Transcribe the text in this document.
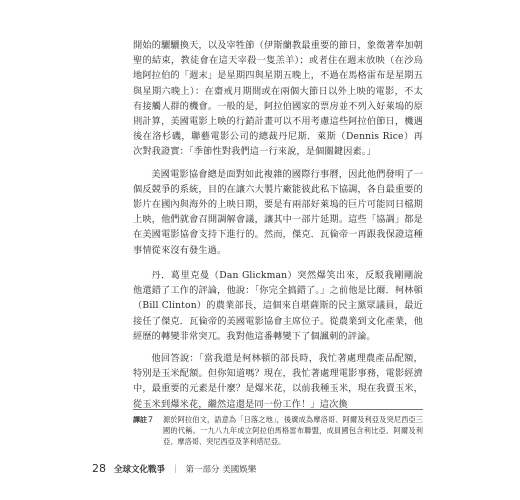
開始的驪驪換天，以及宰牲節（伊斯蘭教最重要的節日，象徵著奉加朝聖的結束，教徒會在這天宰殺一隻羔羊）；或者住在週末放映（在沙烏地阿拉伯的「週末」是星期四與星期五晚上，不過在馬格雷布是星期五與星期六晚上）：在齋戒月期間或在兩個大節日以外上映的電影，不太有接觸人群的機會。一般的是，阿拉伯國家的票房並不列入好萊塢的原則計算，美國電影上映的行銷計畫可以不用考慮這些阿拉伯節日，機遇後在洛杉磯，聯藝電影公司的總裁丹尼斯．萊斯（Dennis Rice）再次對我證實：「季節性對我們這一行來說，是個關鍵因素。」

美國電影協會總是面對如此複雜的國際行事曆，因此他們發明了一個反競爭的系統，目的在讓六大製片廠能彼此私下協調，各自最重要的影片在國內與海外的上映日期，要是有兩部好萊塢的巨片可能同日檔期上映，他們就會召開調解會議，讓其中一部片延期。這些「協調」都是在美國電影協會支持下進行的。然而，傑克．瓦倫帝一再跟我保證這種事情從來沒有發生過。

丹．葛里克曼（Dan Glickman）突然爆笑出來，反駁我剛剛說他還錯了工作的評論，他說：「你完全搞錯了。」之前他是比爾．柯林頓（Bill Clinton）的農業部長，這個來自堪薩斯的民主黨眾議員，最近接任了傑克．瓦倫帝的美國電影協會主席位子。從農業到文化產業，他經歷的轉變非常突兀。我對他這番轉變下了個諷刺的評論。

他回答說：「當我還是柯林頓的部長時，我忙著處理農產品配額，特別是玉米配額。但你知道嗎？現在，我忙著處理電影事務，電影經濟中，最重要的元素是什麼？是爆米花，以前我種玉米，現在我賣玉米，從玉米到爆米花，繼然這還是同一份工作！」這次換

譯註７	源於阿拉伯文，語意為「日落之地」，後廣成為摩洛哥、阿爾及利亞及突尼西亞三國的代稱。一九八九年成立阿拉伯馬格雷布聯盟，成員國包含利比亞、阿爾及利亞、摩洛哥、突尼西亞及茅利塔尼亞。
28 全球文化戰爭 ｜ 第一部分 美國娛樂
